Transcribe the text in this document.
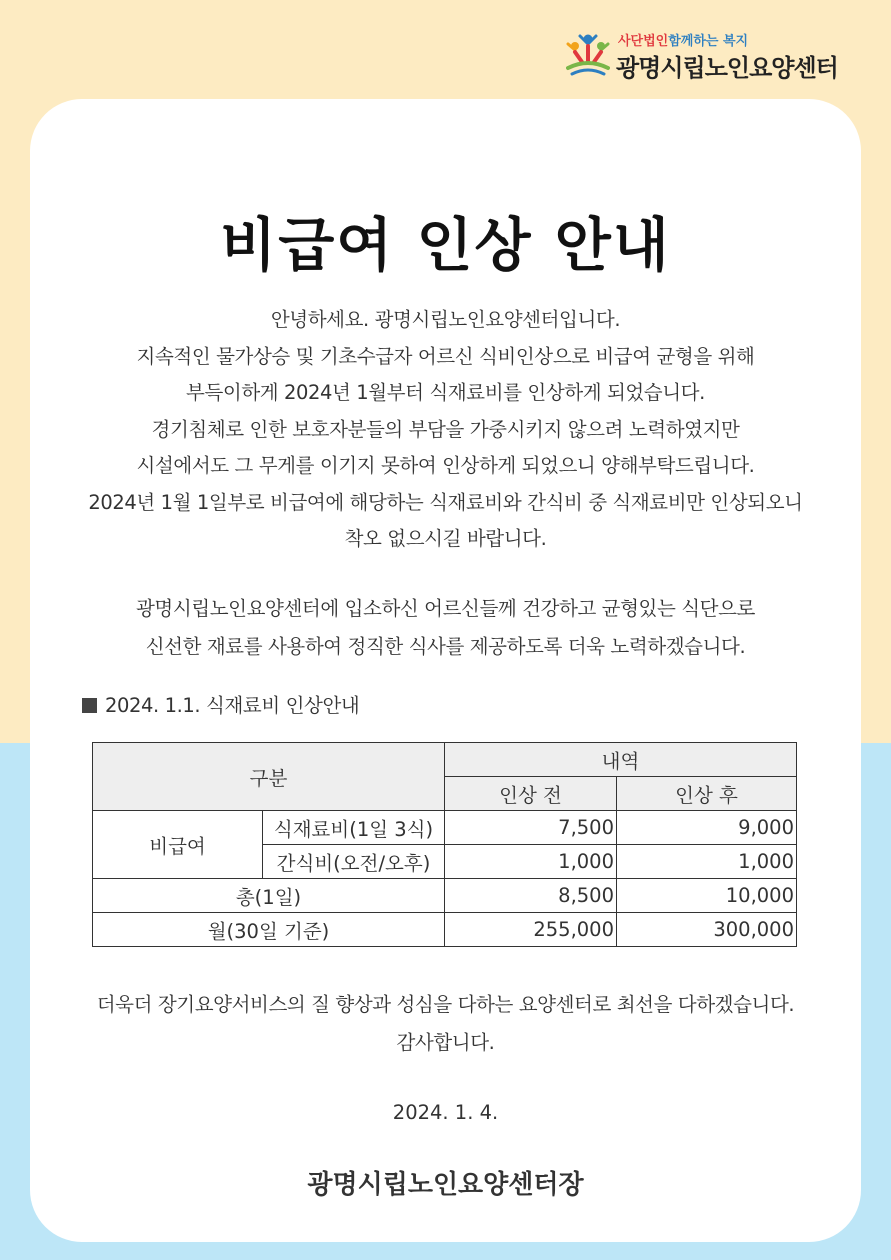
사단법인함께하는 복지
광명시립노인요양센터
비급여 인상 안내
안녕하세요. 광명시립노인요양센터입니다.
지속적인 물가상승 및 기초수급자 어르신 식비인상으로 비급여 균형을 위해
부득이하게 2024년 1월부터 식재료비를 인상하게 되었습니다.
경기침체로 인한 보호자분들의 부담을 가중시키지 않으려 노력하였지만
시설에서도 그 무게를 이기지 못하여 인상하게 되었으니 양해부탁드립니다.
2024년 1월 1일부로 비급여에 해당하는 식재료비와 간식비 중 식재료비만 인상되오니
착오 없으시길 바랍니다.
광명시립노인요양센터에 입소하신 어르신들께 건강하고 균형있는 식단으로
신선한 재료를 사용하여 정직한 식사를 제공하도록 더욱 노력하겠습니다.
2024. 1.1. 식재료비 인상안내
구분		내역	
		인상 전	인상 후
비급여	식재료비(1일 3식)	7,500	9,000
	간식비(오전/오후)	1,000	1,000
총(1일)		8,500	10,000
월(30일 기준)		255,000	300,000
더욱더 장기요양서비스의 질 향상과 성심을 다하는 요양센터로 최선을 다하겠습니다.
감사합니다.
2024. 1. 4.
광명시립노인요양센터장
